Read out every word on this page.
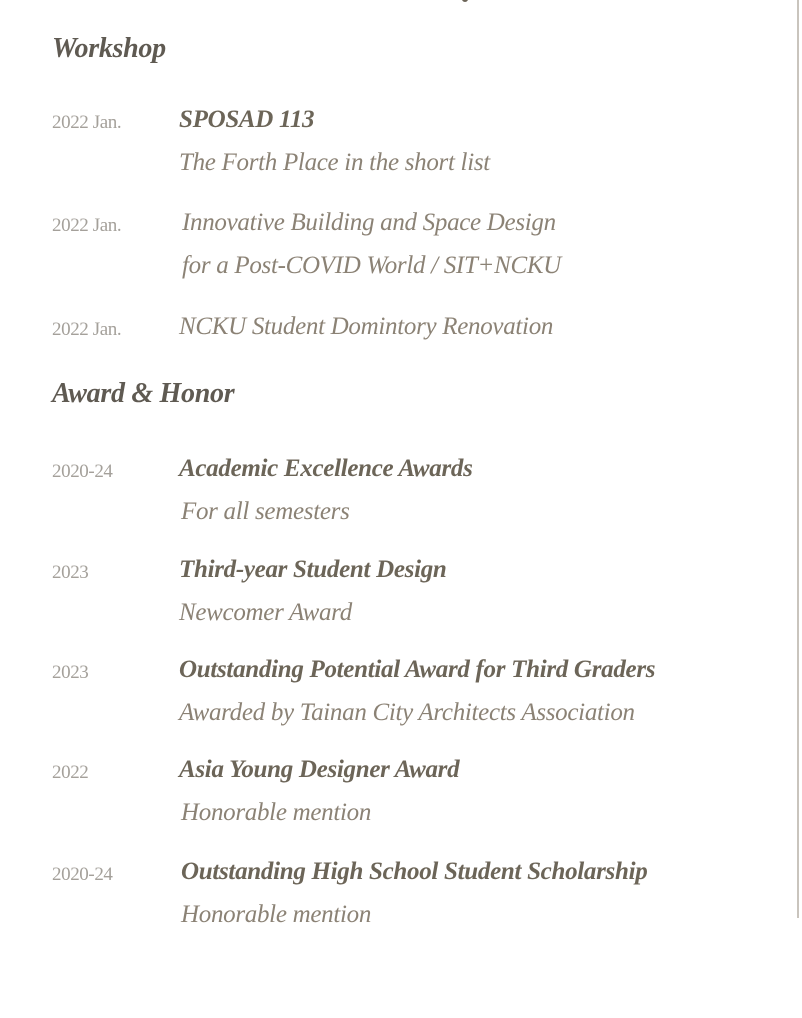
Workshop
2022 Jan. SPOSAD 113
The Forth Place in the short list
2022 Jan. Innovative Building and Space Design
for a Post-COVID World / SIT+NCKU
2022 Jan. NCKU Student Domintory Renovation
Award & Honor
2020-24	Academic Excellence Awards
For all semesters
2023	Third-year Student Design
Newcomer Award
2023	Outstanding Potential Award for Third Graders
Awarded by Tainan City Architects Association
2022	Asia Young Designer Award
Honorable mention
2020-24	Outstanding High School Student Scholarship
Honorable mention
